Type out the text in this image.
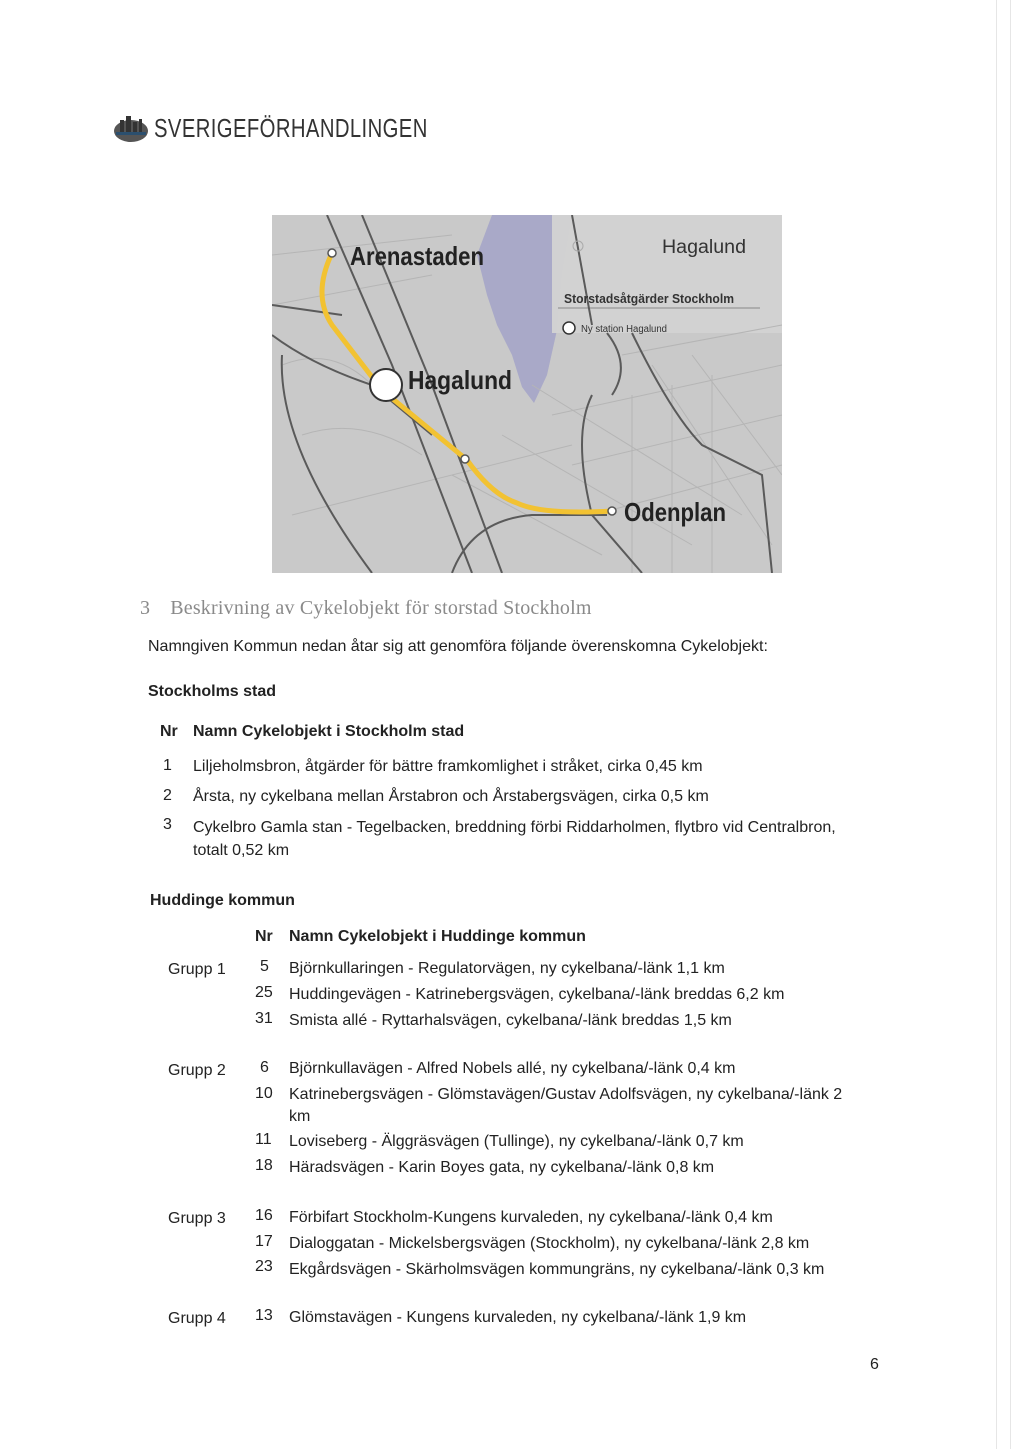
SVERIGEFÖRHANDLINGEN
Arenastaden
Hagalund
Odenplan
Hagalund
Storstadsåtgärder Stockholm
Ny station Hagalund
3 Beskrivning av Cykelobjekt för storstad Stockholm
Namngiven Kommun nedan åtar sig att genomföra följande överenskomna Cykelobjekt:
Stockholms stad
Nr Namn Cykelobjekt i Stockholm stad
1 Liljeholmsbron, åtgärder för bättre framkomlighet i stråket, cirka 0,45 km
2 Årsta, ny cykelbana mellan Årstabron och Årstabergsvägen, cirka 0,5 km
3 Cykelbro Gamla stan - Tegelbacken, breddning förbi Riddarholmen, flytbro vid Centralbron,
totalt 0,52 km
Huddinge kommun
Nr Namn Cykelobjekt i Huddinge kommun
Grupp 1 5 Björnkullaringen - Regulatorvägen, ny cykelbana/-länk 1,1 km
25 Huddingevägen - Katrinebergsvägen, cykelbana/-länk breddas 6,2 km
31 Smista allé - Ryttarhalsvägen, cykelbana/-länk breddas 1,5 km
Grupp 2 6 Björnkullavägen - Alfred Nobels allé, ny cykelbana/-länk 0,4 km
10 Katrinebergsvägen - Glömstavägen/Gustav Adolfsvägen, ny cykelbana/-länk 2
km
11 Loviseberg - Älggräsvägen (Tullinge), ny cykelbana/-länk 0,7 km
18 Häradsvägen - Karin Boyes gata, ny cykelbana/-länk 0,8 km
Grupp 3 16 Förbifart Stockholm-Kungens kurvaleden, ny cykelbana/-länk 0,4 km
17 Dialoggatan - Mickelsbergsvägen (Stockholm), ny cykelbana/-länk 2,8 km
23 Ekgårdsvägen - Skärholmsvägen kommungräns, ny cykelbana/-länk 0,3 km
Grupp 4 13 Glömstavägen - Kungens kurvaleden, ny cykelbana/-länk 1,9 km
6
